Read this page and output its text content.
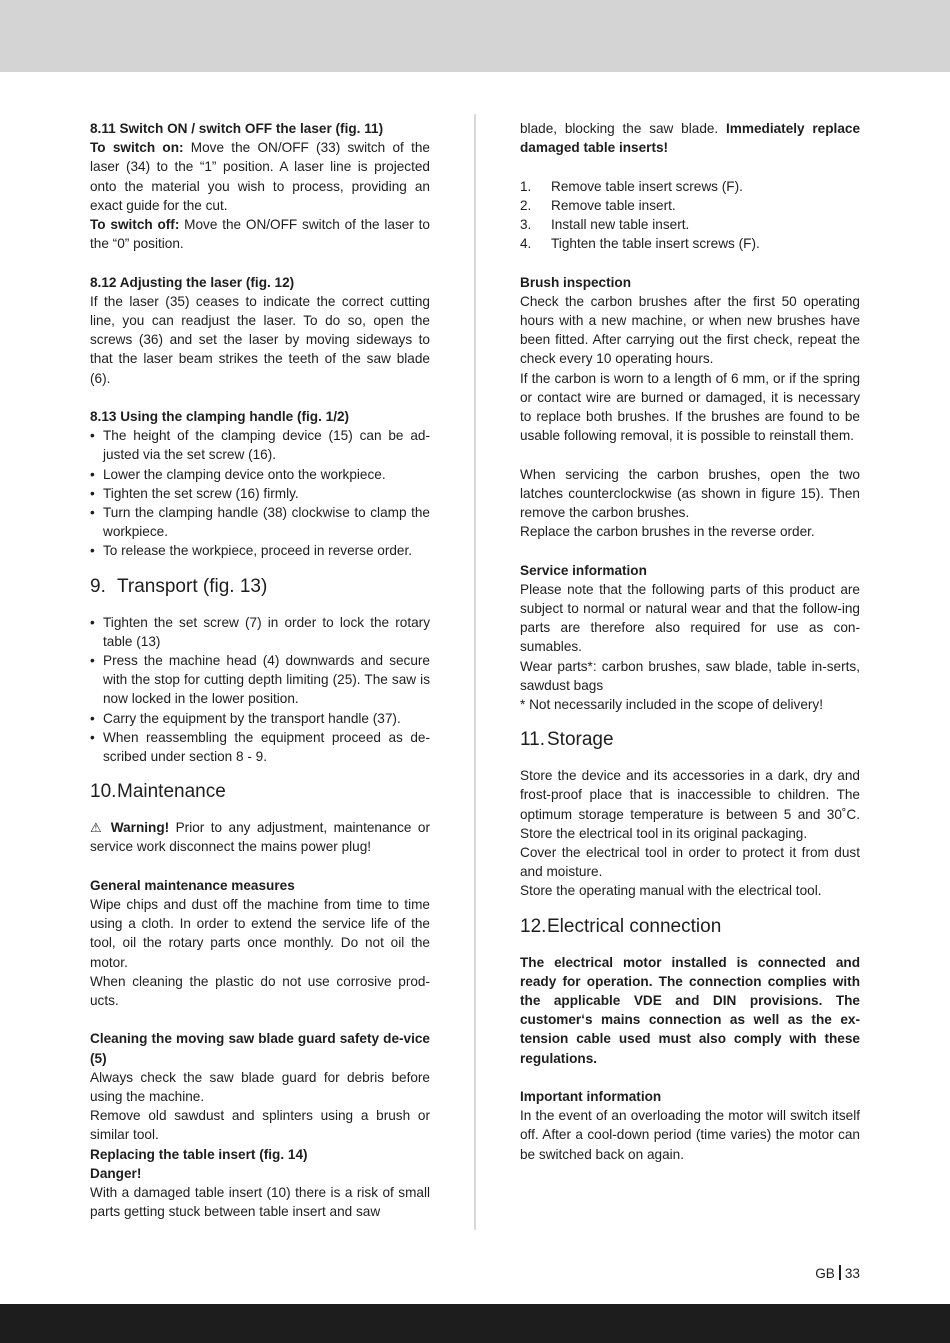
8.11 Switch ON / switch OFF the laser (fig. 11)

To switch on: Move the ON/OFF (33) switch of the laser (34) to the “1” position. A laser line is projected onto the material you wish to process, providing an exact guide for the cut.

To switch off: Move the ON/OFF switch of the laser to the “0” position.

8.12 Adjusting the laser (fig. 12)

If the laser (35) ceases to indicate the correct cutting line, you can readjust the laser. To do so, open the screws (36) and set the laser by moving sideways to that the laser beam strikes the teeth of the saw blade (6).

8.13 Using the clamping handle (fig. 1/2)

• The height of the clamping device (15) can be ad-justed via the set screw (16).
• Lower the clamping device onto the workpiece.
• Tighten the set screw (16) firmly.
• Turn the clamping handle (38) clockwise to clamp the workpiece.
• To release the workpiece, proceed in reverse order.
9. Transport (fig. 13)
• Tighten the set screw (7) in order to lock the rotary table (13)
• Press the machine head (4) downwards and secure with the stop for cutting depth limiting (25). The saw is now locked in the lower position.
• Carry the equipment by the transport handle (37).
• When reassembling the equipment proceed as de-scribed under section 8 - 9.
10.Maintenance

⚠ Warning! Prior to any adjustment, maintenance or service work disconnect the mains power plug!

General maintenance measures

Wipe chips and dust off the machine from time to time using a cloth. In order to extend the service life of the tool, oil the rotary parts once monthly. Do not oil the motor.

When cleaning the plastic do not use corrosive prod-ucts.

Cleaning the moving saw blade guard safety de-vice (5)

Always check the saw blade guard for debris before using the machine.

Remove old sawdust and splinters using a brush or similar tool.

Replacing the table insert (fig. 14)

Danger!

With a damaged table insert (10) there is a risk of small parts getting stuck between table insert and saw

blade, blocking the saw blade. Immediately replace damaged table inserts!

1. Remove table insert screws (F).
2. Remove table insert.
3. Install new table insert.
4. Tighten the table insert screws (F).

Brush inspection

Check the carbon brushes after the first 50 operating hours with a new machine, or when new brushes have been fitted. After carrying out the first check, repeat the check every 10 operating hours.

If the carbon is worn to a length of 6 mm, or if the spring or contact wire are burned or damaged, it is necessary to replace both brushes. If the brushes are found to be usable following removal, it is possible to reinstall them.

When servicing the carbon brushes, open the two latches counterclockwise (as shown in figure 15). Then remove the carbon brushes.

Replace the carbon brushes in the reverse order.

Service information

Please note that the following parts of this product are subject to normal or natural wear and that the follow-ing parts are therefore also required for use as con-sumables.

Wear parts*: carbon brushes, saw blade, table in-serts, sawdust bags

* Not necessarily included in the scope of delivery!

11. Storage

Store the device and its accessories in a dark, dry and frost-proof place that is inaccessible to children. The optimum storage temperature is between 5 and 30˚C. Store the electrical tool in its original packaging.

Cover the electrical tool in order to protect it from dust and moisture.

Store the operating manual with the electrical tool.

12.Electrical connection

The electrical motor installed is connected and ready for operation. The connection complies with the applicable VDE and DIN provisions. The customer‘s mains connection as well as the ex-tension cable used must also comply with these regulations.

Important information

In the event of an overloading the motor will switch itself off. After a cool-down period (time varies) the motor can be switched back on again.

GB 33
